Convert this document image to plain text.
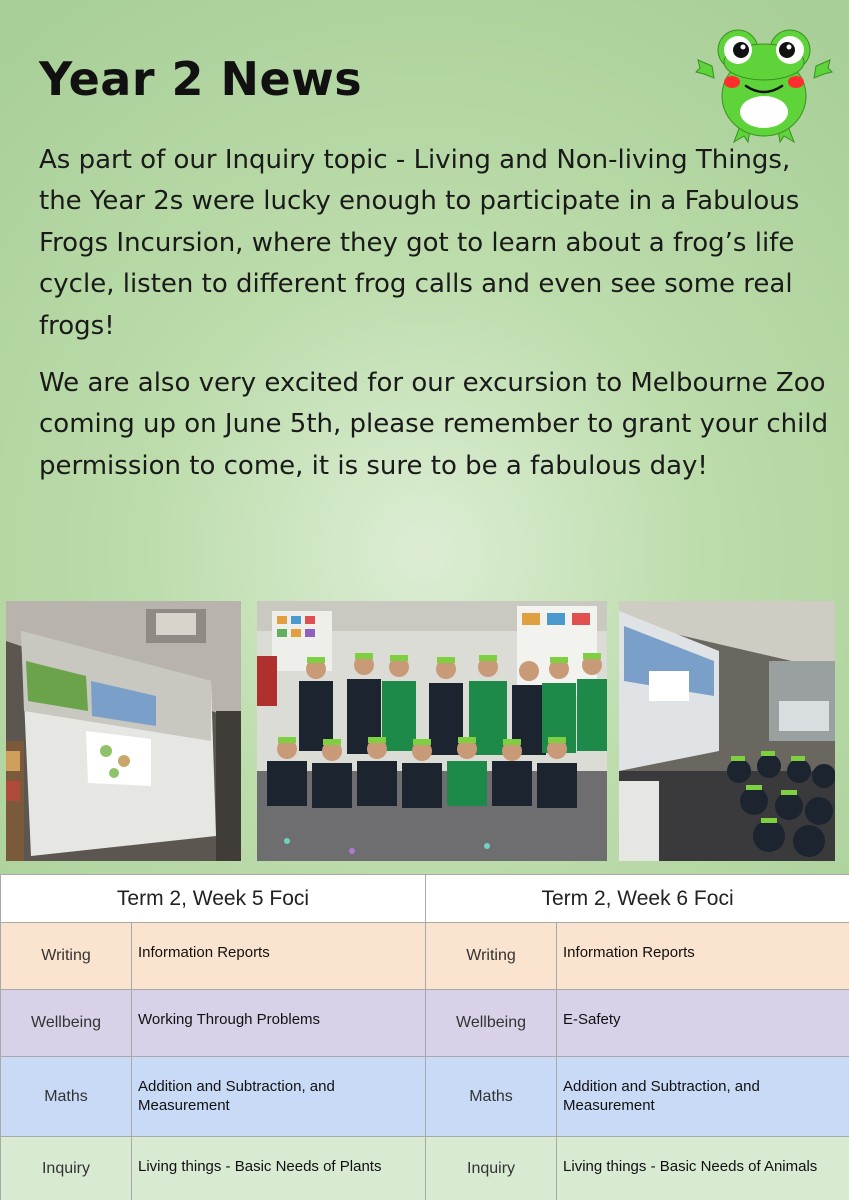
Year 2 News

As part of our Inquiry topic - Living and Non-living Things, the Year 2s were lucky enough to participate in a Fabulous Frogs Incursion, where they got to learn about a frog’s life cycle, listen to different frog calls and even see some real frogs!

We are also very excited for our excursion to Melbourne Zoo coming up on June 5th, please remember to grant your child permission to come, it is sure to be a fabulous day!

Term 2, Week 5 Foci		Term 2, Week 6 Foci	
Writing	Information Reports	Writing	Information Reports
Wellbeing	Working Through Problems	Wellbeing	E-Safety
Maths	Addition and Subtraction, and Measurement	Maths	Addition and Subtraction, and Measurement
Inquiry	Living things - Basic Needs of Plants	Inquiry	Living things - Basic Needs of Animals
